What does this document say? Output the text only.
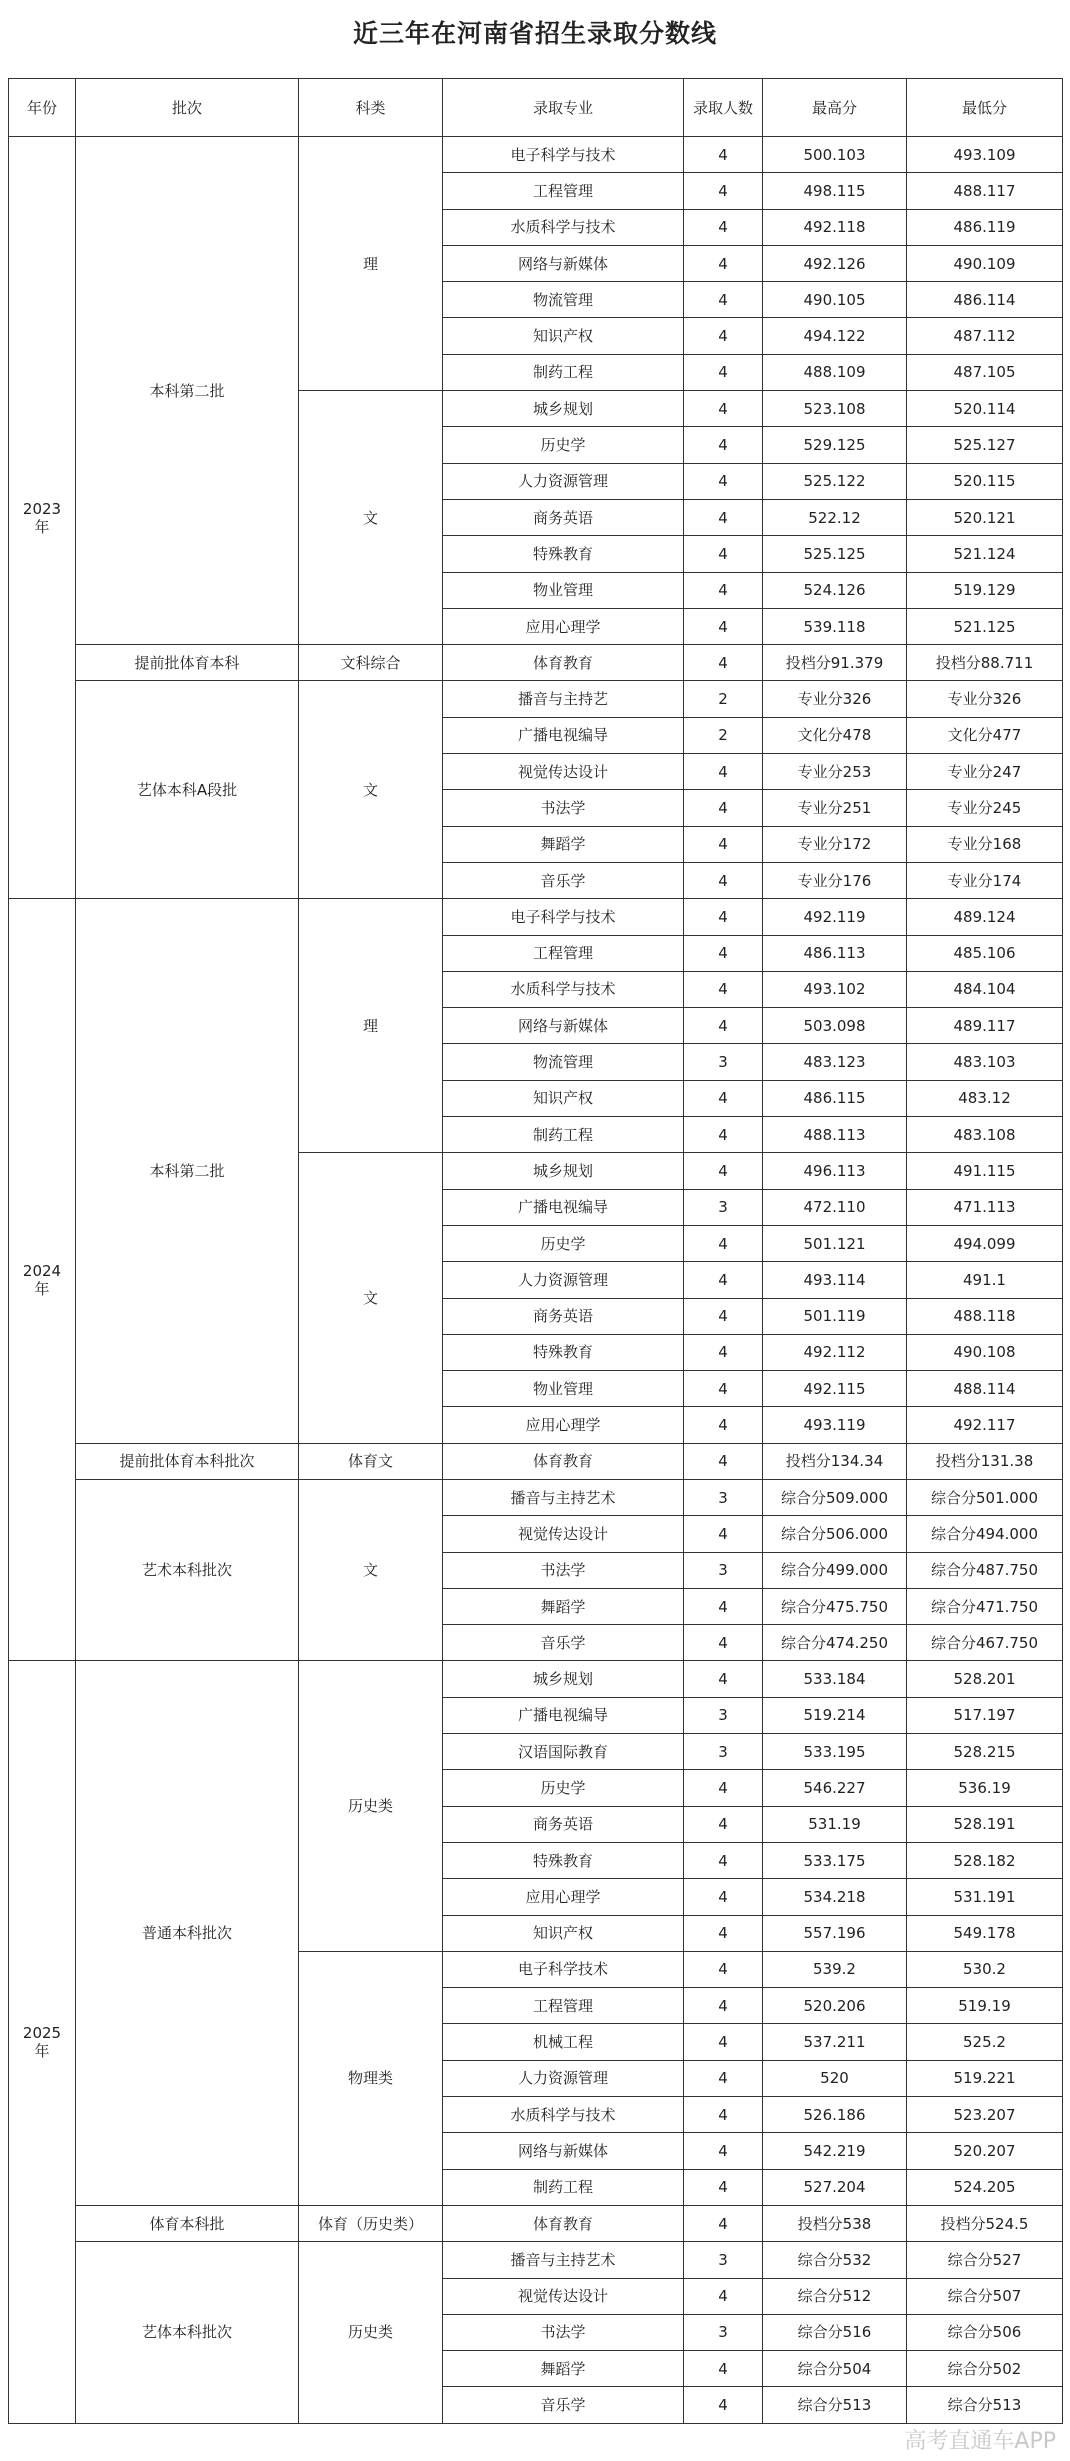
近三年在河南省招生录取分数线
年份	批次	科类	录取专业	录取人数	最高分	最低分
2023
年	本科第二批	理	电子科学与技术	4	500.103	493.109
			工程管理	4	498.115	488.117
			水质科学与技术	4	492.118	486.119
			网络与新媒体	4	492.126	490.109
			物流管理	4	490.105	486.114
			知识产权	4	494.122	487.112
			制药工程	4	488.109	487.105
		文	城乡规划	4	523.108	520.114
			历史学	4	529.125	525.127
			人力资源管理	4	525.122	520.115
			商务英语	4	522.12	520.121
			特殊教育	4	525.125	521.124
			物业管理	4	524.126	519.129
			应用心理学	4	539.118	521.125
	提前批体育本科	文科综合	体育教育	4	投档分91.379	投档分88.711
	艺体本科A段批	文	播音与主持艺	2	专业分326	专业分326
			广播电视编导	2	文化分478	文化分477
			视觉传达设计	4	专业分253	专业分247
			书法学	4	专业分251	专业分245
			舞蹈学	4	专业分172	专业分168
			音乐学	4	专业分176	专业分174
2024
年	本科第二批	理	电子科学与技术	4	492.119	489.124
			工程管理	4	486.113	485.106
			水质科学与技术	4	493.102	484.104
			网络与新媒体	4	503.098	489.117
			物流管理	3	483.123	483.103
			知识产权	4	486.115	483.12
			制药工程	4	488.113	483.108
		文	城乡规划	4	496.113	491.115
			广播电视编导	3	472.110	471.113
			历史学	4	501.121	494.099
			人力资源管理	4	493.114	491.1
			商务英语	4	501.119	488.118
			特殊教育	4	492.112	490.108
			物业管理	4	492.115	488.114
			应用心理学	4	493.119	492.117
	提前批体育本科批次	体育文	体育教育	4	投档分134.34	投档分131.38
	艺术本科批次	文	播音与主持艺术	3	综合分509.000	综合分501.000
			视觉传达设计	4	综合分506.000	综合分494.000
			书法学	3	综合分499.000	综合分487.750
			舞蹈学	4	综合分475.750	综合分471.750
			音乐学	4	综合分474.250	综合分467.750
2025
年	普通本科批次	历史类	城乡规划	4	533.184	528.201
			广播电视编导	3	519.214	517.197
			汉语国际教育	3	533.195	528.215
			历史学	4	546.227	536.19
			商务英语	4	531.19	528.191
			特殊教育	4	533.175	528.182
			应用心理学	4	534.218	531.191
			知识产权	4	557.196	549.178
		物理类	电子科学技术	4	539.2	530.2
			工程管理	4	520.206	519.19
			机械工程	4	537.211	525.2
			人力资源管理	4	520	519.221
			水质科学与技术	4	526.186	523.207
			网络与新媒体	4	542.219	520.207
			制药工程	4	527.204	524.205
	体育本科批	体育（历史类）	体育教育	4	投档分538	投档分524.5
	艺体本科批次	历史类	播音与主持艺术	3	综合分532	综合分527
			视觉传达设计	4	综合分512	综合分507
			书法学	3	综合分516	综合分506
			舞蹈学	4	综合分504	综合分502
			音乐学	4	综合分513	综合分513
高考直通车APP
